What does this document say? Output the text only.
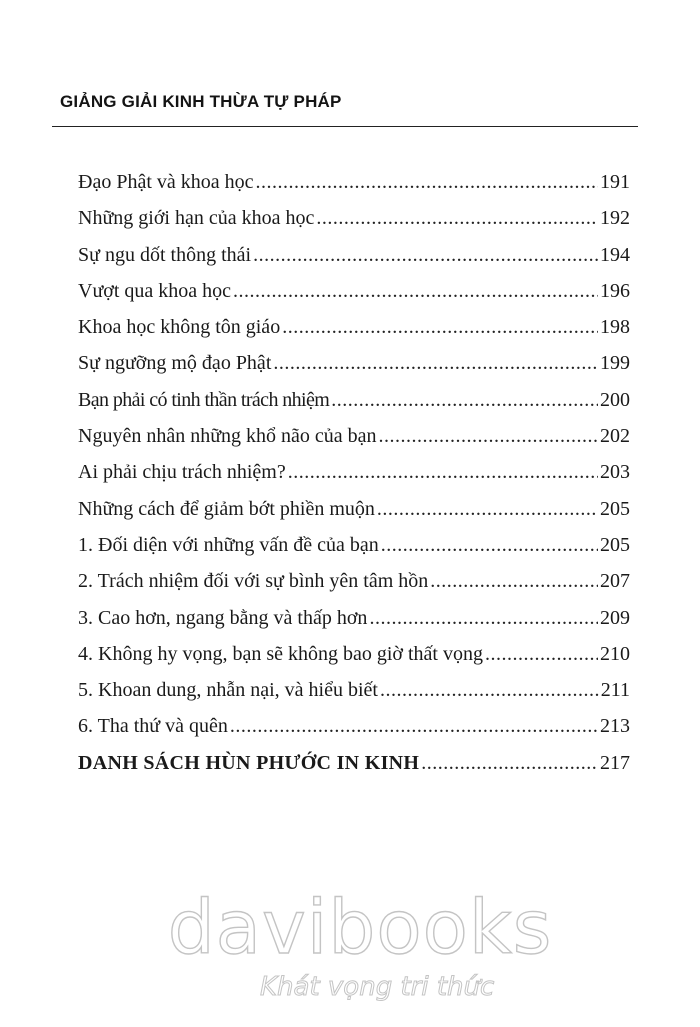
GIẢNG GIẢI KINH THỪA TỰ PHÁP
Đạo Phật và khoa học .....	191
Những giới hạn của khoa học .....	192
Sự ngu dốt thông thái .....	194
Vượt qua khoa học .....	196
Khoa học không tôn giáo .....	198
Sự ngưỡng mộ đạo Phật .....	199
Bạn phải có tinh thần trách nhiệm .....	200
Nguyên nhân những khổ não của bạn .....	202
Ai phải chịu trách nhiệm? .....	203
Những cách để giảm bớt phiền muộn .....	205
1. Đối diện với những vấn đề của bạn .....	205
2. Trách nhiệm đối với sự bình yên tâm hồn .....	207
3. Cao hơn, ngang bằng và thấp hơn .....	209
4. Không hy vọng, bạn sẽ không bao giờ thất vọng .....	210
5. Khoan dung, nhẫn nại, và hiểu biết .....	211
6. Tha thứ và quên .....	213
DANH SÁCH HÙN PHƯỚC IN KINH .....	217
davibooks
Khát vọng tri thức
